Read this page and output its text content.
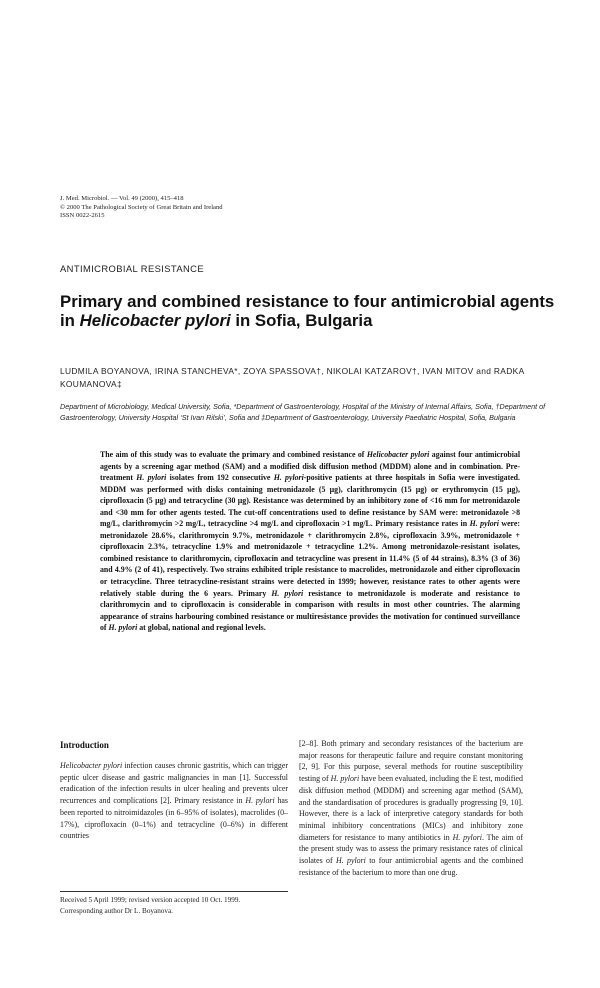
J. Med. Microbiol. — Vol. 49 (2000), 415–418
© 2000 The Pathological Society of Great Britain and Ireland
ISSN 0022-2615
ANTIMICROBIAL RESISTANCE
Primary and combined resistance to four antimicrobial agents in Helicobacter pylori in Sofia, Bulgaria
LUDMILA BOYANOVA, IRINA STANCHEVA*, ZOYA SPASSOVA†, NIKOLAI KATZAROV†, IVAN MITOV and RADKA KOUMANOVA‡
Department of Microbiology, Medical University, Sofia, *Department of Gastroenterology, Hospital of the Ministry of Internal Affairs, Sofia, †Department of Gastroenterology, University Hospital ‘St Ivan Rilski’, Sofia and ‡Department of Gastroenterology, University Paediatric Hospital, Sofia, Bulgaria
The aim of this study was to evaluate the primary and combined resistance of Helicobacter pylori against four antimicrobial agents by a screening agar method (SAM) and a modified disk diffusion method (MDDM) alone and in combination. Pre-treatment H. pylori isolates from 192 consecutive H. pylori-positive patients at three hospitals in Sofia were investigated. MDDM was performed with disks containing metronidazole (5 µg), clarithromycin (15 µg) or erythromycin (15 µg), ciprofloxacin (5 µg) and tetracycline (30 µg). Resistance was determined by an inhibitory zone of <16 mm for metronidazole and <30 mm for other agents tested. The cut-off concentrations used to define resistance by SAM were: metronidazole >8 mg/L, clarithromycin >2 mg/L, tetracycline >4 mg/L and ciprofloxacin >1 mg/L. Primary resistance rates in H. pylori were: metronidazole 28.6%, clarithromycin 9.7%, metronidazole + clarithromycin 2.8%, ciprofloxacin 3.9%, metronidazole + ciprofloxacin 2.3%, tetracycline 1.9% and metronidazole + tetracycline 1.2%. Among metronidazole-resistant isolates, combined resistance to clarithromycin, ciprofloxacin and tetracycline was present in 11.4% (5 of 44 strains), 8.3% (3 of 36) and 4.9% (2 of 41), respectively. Two strains exhibited triple resistance to macrolides, metronidazole and either ciprofloxacin or tetracycline. Three tetracycline-resistant strains were detected in 1999; however, resistance rates to other agents were relatively stable during the 6 years. Primary H. pylori resistance to metronidazole is moderate and resistance to clarithromycin and to ciprofloxacin is considerable in comparison with results in most other countries. The alarming appearance of strains harbouring combined resistance or multiresistance provides the motivation for continued surveillance of H. pylori at global, national and regional levels.
Introduction
Helicobacter pylori infection causes chronic gastritis, which can trigger peptic ulcer disease and gastric malignancies in man [1]. Successful eradication of the infection results in ulcer healing and prevents ulcer recurrences and complications [2]. Primary resistance in H. pylori has been reported to nitroimidazoles (in 6–95% of isolates), macrolides (0–17%), ciprofloxacin (0–1%) and tetracycline (0–6%) in different countries
[2–8]. Both primary and secondary resistances of the bacterium are major reasons for therapeutic failure and require constant monitoring [2, 9]. For this purpose, several methods for routine susceptibility testing of H. pylori have been evaluated, including the E test, modified disk diffusion method (MDDM) and screening agar method (SAM), and the standardisation of procedures is gradually progressing [9, 10]. However, there is a lack of interpretive category standards for both minimal inhibitory concentrations (MICs) and inhibitory zone diameters for resistance to many antibiotics in H. pylori. The aim of the present study was to assess the primary resistance rates of clinical isolates of H. pylori to four antimicrobial agents and the combined resistance of the bacterium to more than one drug.
Received 5 April 1999; revised version accepted 10 Oct. 1999.
Corresponding author Dr L. Boyanova.
